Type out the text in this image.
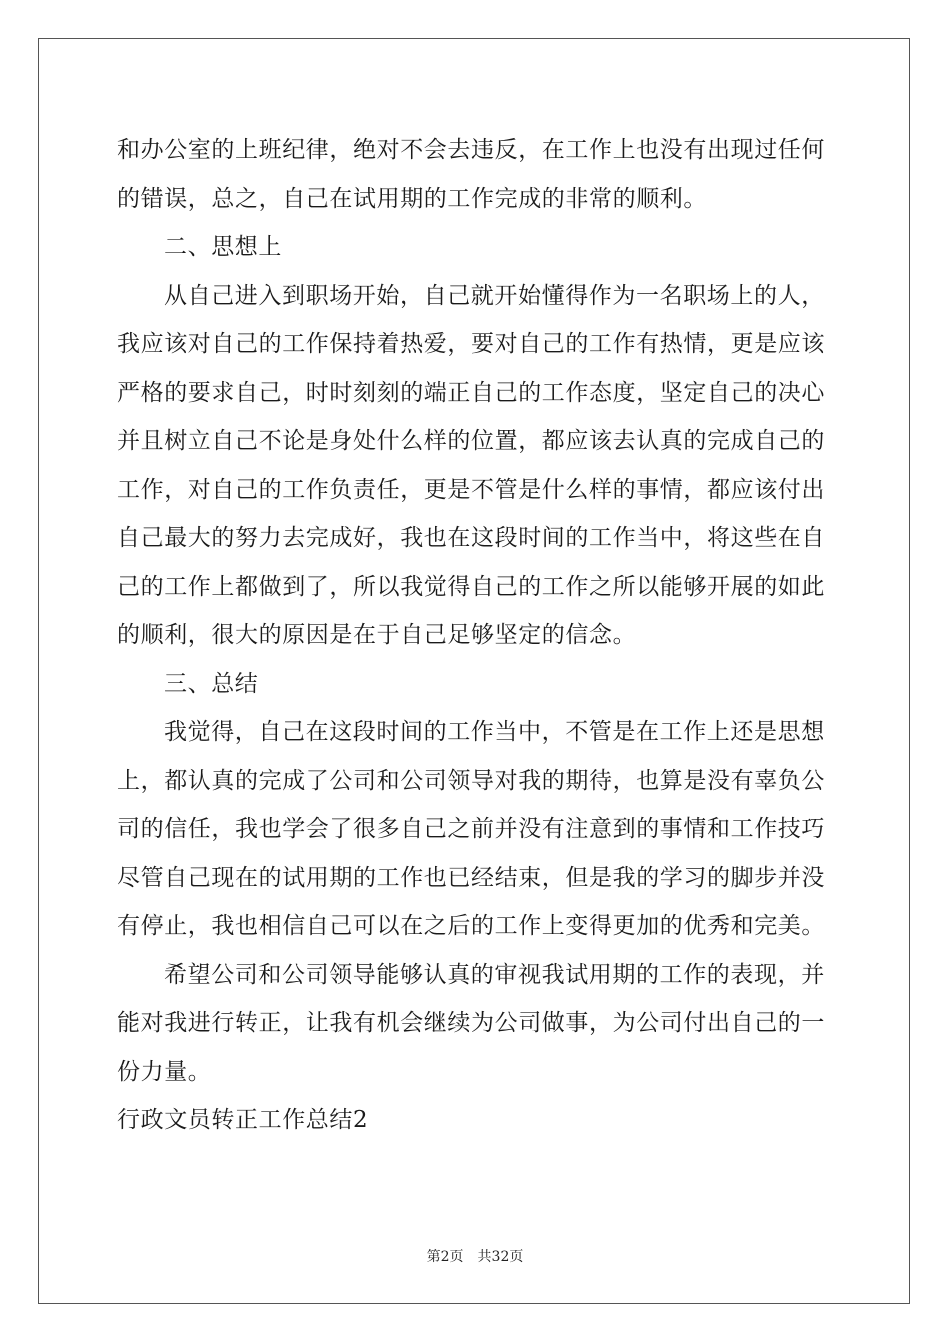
和办公室的上班纪律，绝对不会去违反，在工作上也没有出现过任何
的错误，总之，自己在试用期的工作完成的非常的顺利。
二、思想上
从自己进入到职场开始，自己就开始懂得作为一名职场上的人，
我应该对自己的工作保持着热爱，要对自己的工作有热情，更是应该
严格的要求自己，时时刻刻的端正自己的工作态度，坚定自己的决心
并且树立自己不论是身处什么样的位置，都应该去认真的完成自己的
工作，对自己的工作负责任，更是不管是什么样的事情，都应该付出
自己最大的努力去完成好，我也在这段时间的工作当中，将这些在自
己的工作上都做到了，所以我觉得自己的工作之所以能够开展的如此
的顺利，很大的原因是在于自己足够坚定的信念。
三、总结
我觉得，自己在这段时间的工作当中，不管是在工作上还是思想
上，都认真的完成了公司和公司领导对我的期待，也算是没有辜负公
司的信任，我也学会了很多自己之前并没有注意到的事情和工作技巧
尽管自己现在的试用期的工作也已经结束，但是我的学习的脚步并没
有停止，我也相信自己可以在之后的工作上变得更加的优秀和完美。
希望公司和公司领导能够认真的审视我试用期的工作的表现，并
能对我进行转正，让我有机会继续为公司做事，为公司付出自己的一
份力量。
行政文员转正工作总结2
第2页 共32页
